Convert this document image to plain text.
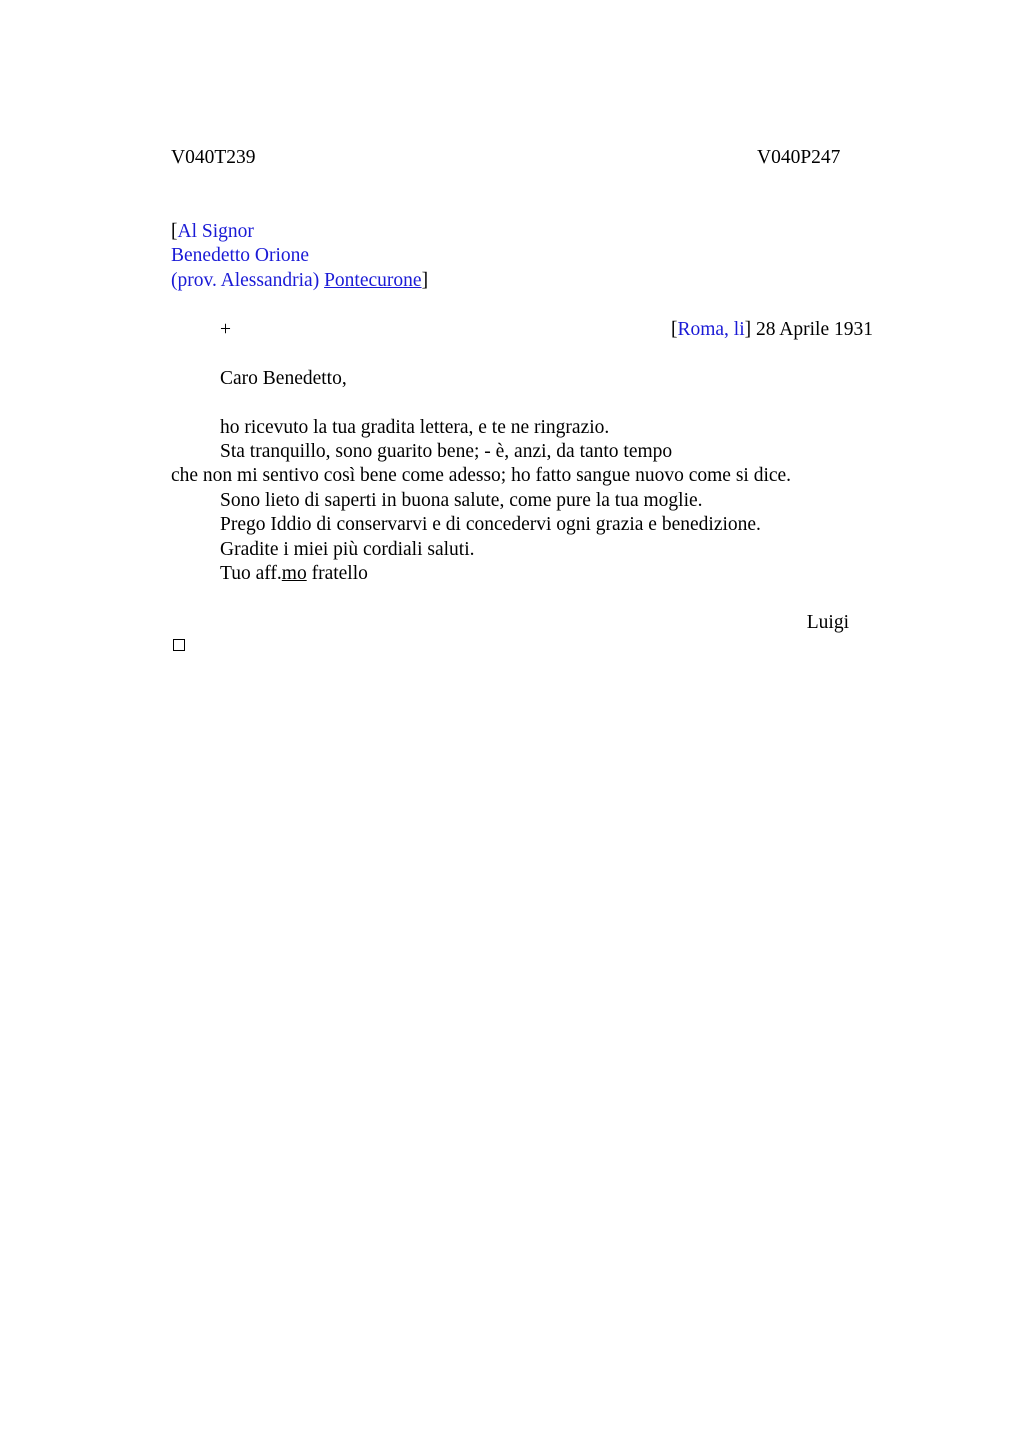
V040T239	V040P247
[Al Signor
Benedetto Orione
(prov. Alessandria) Pontecurone]
+	[Roma, li] 28 Aprile 1931
Caro Benedetto,
ho ricevuto la tua gradita lettera, e te ne ringrazio.
Sta tranquillo, sono guarito bene; - è, anzi, da tanto tempo
che non mi sentivo così bene come adesso; ho fatto sangue nuovo come si dice.
Sono lieto di saperti in buona salute, come pure la tua moglie.
Prego Iddio di conservarvi e di concedervi ogni grazia e benedizione.
Gradite i miei più cordiali saluti.
Tuo aff.mo fratello
Luigi
